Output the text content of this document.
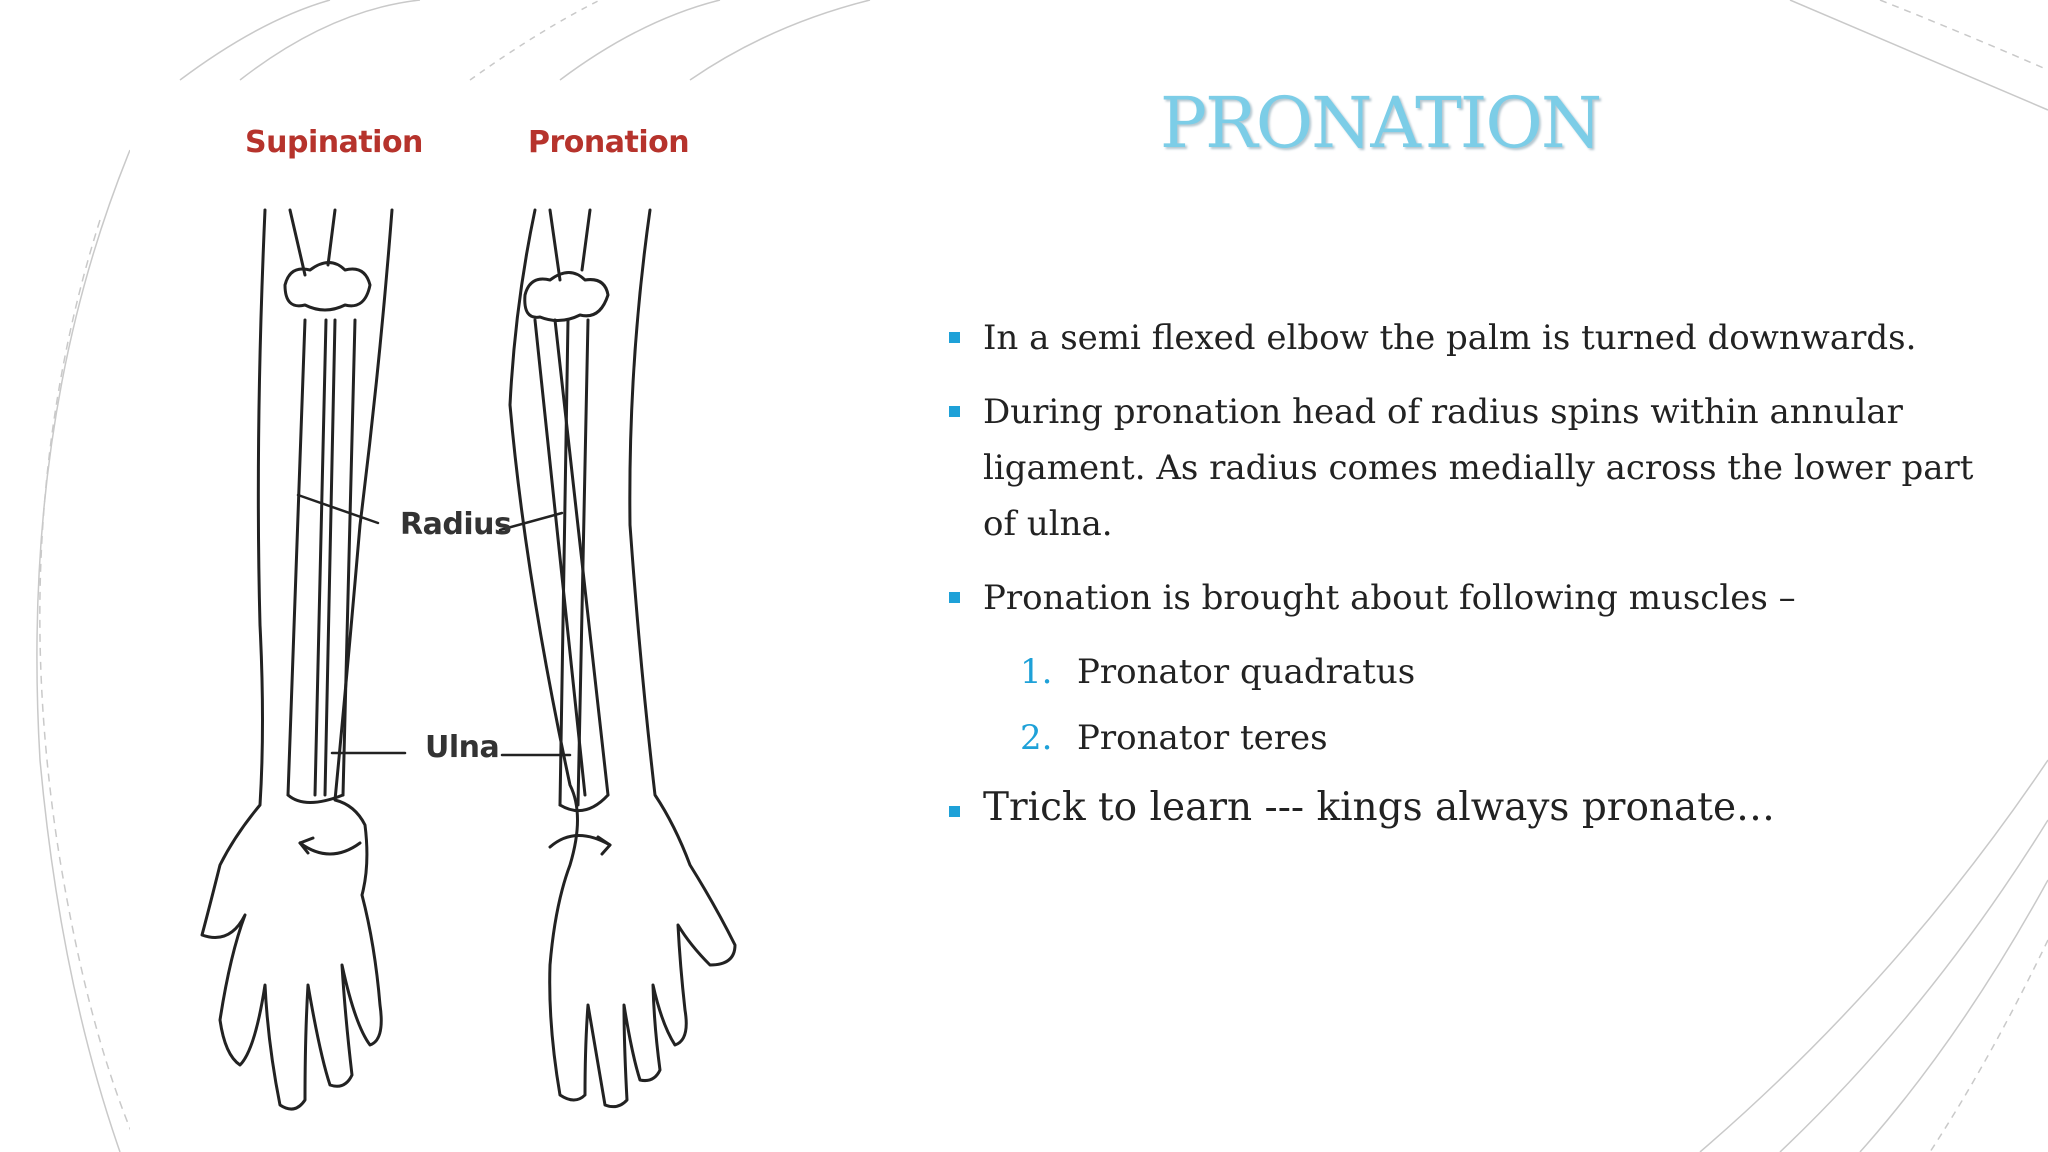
Supination	Pronation
Radius
Ulna
PRONATION
In a semi flexed elbow the palm is turned downwards.
During pronation head of radius spins within annular ligament. As radius comes medially across the lower part of ulna.
Pronation is brought about following muscles –
1. Pronator quadratus
2. Pronator teres
Trick to learn --- kings always pronate…
